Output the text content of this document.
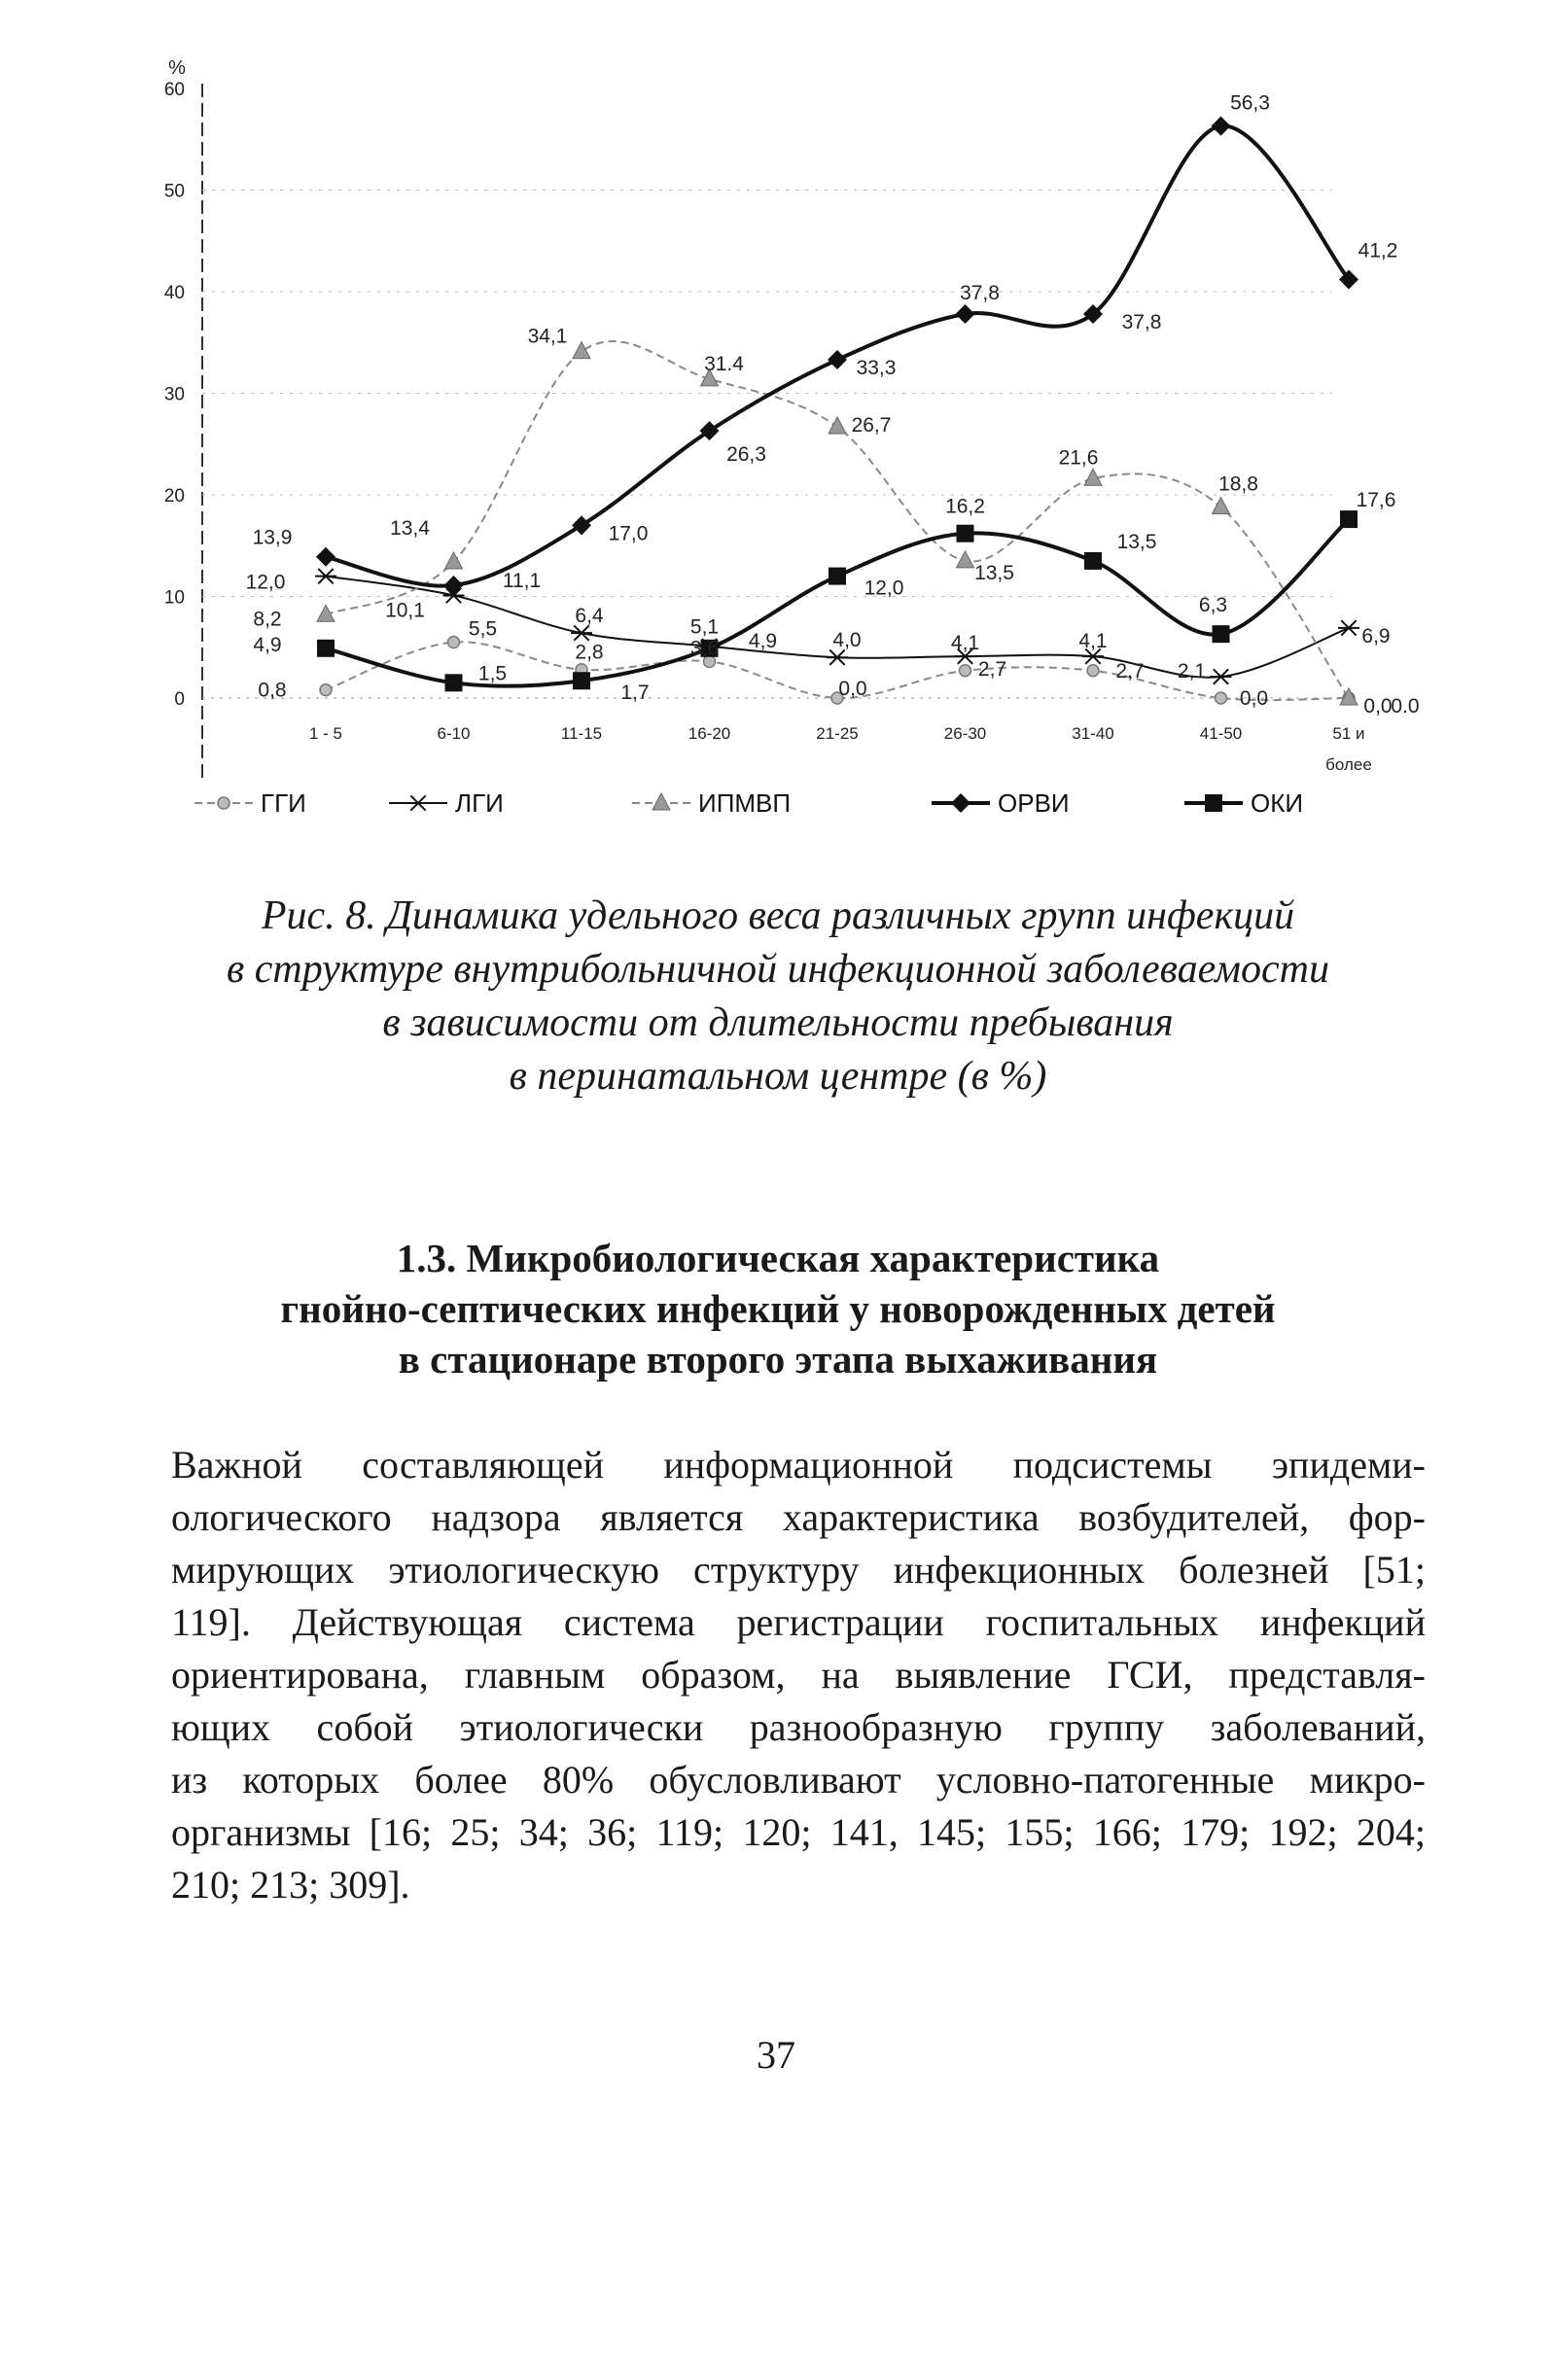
%
0
10
20
30
40
50
60
0,8
5,5
2,8	3,6
0,0
2,7	2,7
0,0	0,0
12,0
10,1	6,4
5,1
4,0	4,1	4,1
2,1
6,9
8,2
13,4
34,1
31.4
26,7
13,5
21,6
18,8
0.0
13,9
11,1
17,0
26,3
33,3
37,8
37,8
56,3
41,2
4,9
1,5
1,7
4,9
12,0
16,2
13,5
6,3
17,6
1 - 5	6-10	11-15	16-20	21-25	26-30	31-40	41-50	51 и
более
ГГИ	ЛГИ	ИПМВП	ОРВИ	ОКИ
Рис. 8. Динамика удельного веса различных групп инфекций
в структуре внутрибольничной инфекционной заболеваемости
в зависимости от длительности пребывания
в перинатальном центре (в %)
1.3. Микробиологическая характеристика
гнойно-септических инфекций у новорожденных детей
в стационаре второго этапа выхаживания
Важной составляющей информационной подсистемы эпидеми-
ологического надзора является характеристика возбудителей, фор-
мирующих этиологическую структуру инфекционных болезней [51;
119]. Действующая система регистрации госпитальных инфекций
ориентирована, главным образом, на выявление ГСИ, представля-
ющих собой этиологически разнообразную группу заболеваний,
из которых более 80% обусловливают условно-патогенные микро-
организмы [16; 25; 34; 36; 119; 120; 141, 145; 155; 166; 179; 192; 204;
210; 213; 309].
37
